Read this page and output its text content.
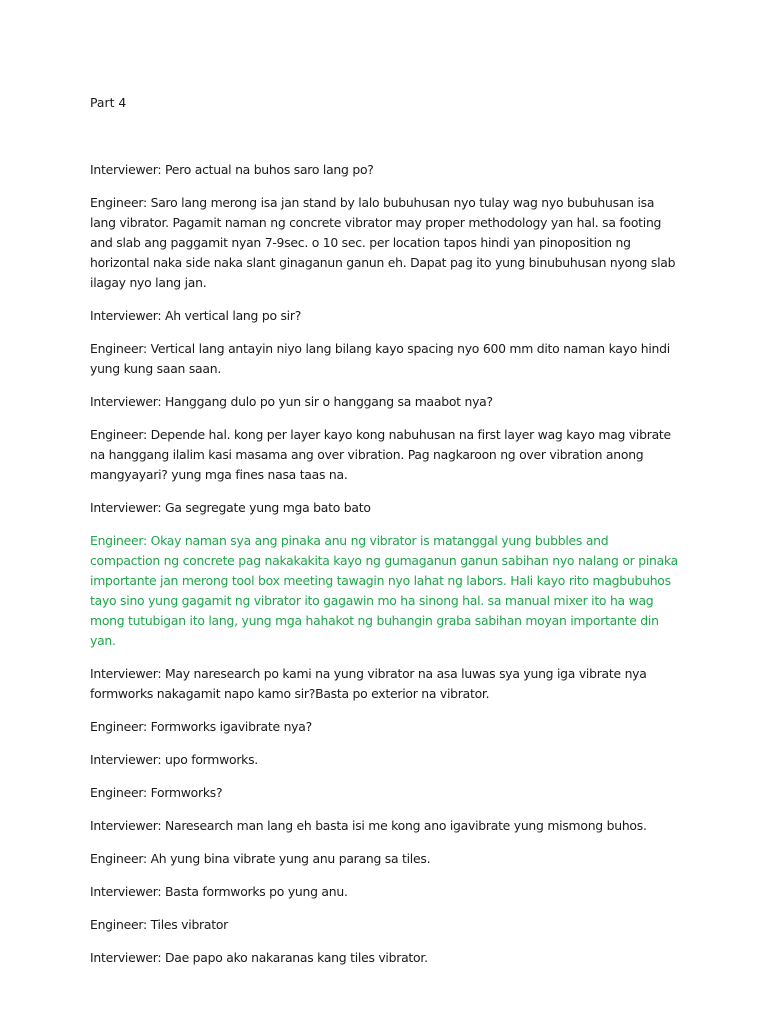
Part 4

Interviewer: Pero actual na buhos saro lang po?

Engineer: Saro lang merong isa jan stand by lalo bubuhusan nyo tulay wag nyo bubuhusan isa lang vibrator. Pagamit naman ng concrete vibrator may proper methodology yan hal. sa footing and slab ang paggamit nyan 7-9sec. o 10 sec. per location tapos hindi yan pinoposition ng horizontal naka side naka slant ginaganun ganun eh. Dapat pag ito yung binubuhusan nyong slab ilagay nyo lang jan.

Interviewer: Ah vertical lang po sir?

Engineer: Vertical lang antayin niyo lang bilang kayo spacing nyo 600 mm dito naman kayo hindi yung kung saan saan.

Interviewer: Hanggang dulo po yun sir o hanggang sa maabot nya?

Engineer: Depende hal. kong per layer kayo kong nabuhusan na first layer wag kayo mag vibrate na hanggang ilalim kasi masama ang over vibration. Pag nagkaroon ng over vibration anong mangyayari? yung mga fines nasa taas na.

Interviewer: Ga segregate yung mga bato bato

Engineer: Okay naman sya ang pinaka anu ng vibrator is matanggal yung bubbles and compaction ng concrete pag nakakakita kayo ng gumaganun ganun sabihan nyo nalang or pinaka importante jan merong tool box meeting tawagin nyo lahat ng labors. Hali kayo rito magbubuhos tayo sino yung gagamit ng vibrator ito gagawin mo ha sinong hal. sa manual mixer ito ha wag mong tutubigan ito lang, yung mga hahakot ng buhangin graba sabihan moyan importante din yan.

Interviewer: May naresearch po kami na yung vibrator na asa luwas sya yung iga vibrate nya formworks nakagamit napo kamo sir?Basta po exterior na vibrator.

Engineer: Formworks igavibrate nya?

Interviewer: upo formworks.

Engineer: Formworks?

Interviewer: Naresearch man lang eh basta isi me kong ano igavibrate yung mismong buhos.

Engineer: Ah yung bina vibrate yung anu parang sa tiles.

Interviewer: Basta formworks po yung anu.

Engineer: Tiles vibrator

Interviewer: Dae papo ako nakaranas kang tiles vibrator.
